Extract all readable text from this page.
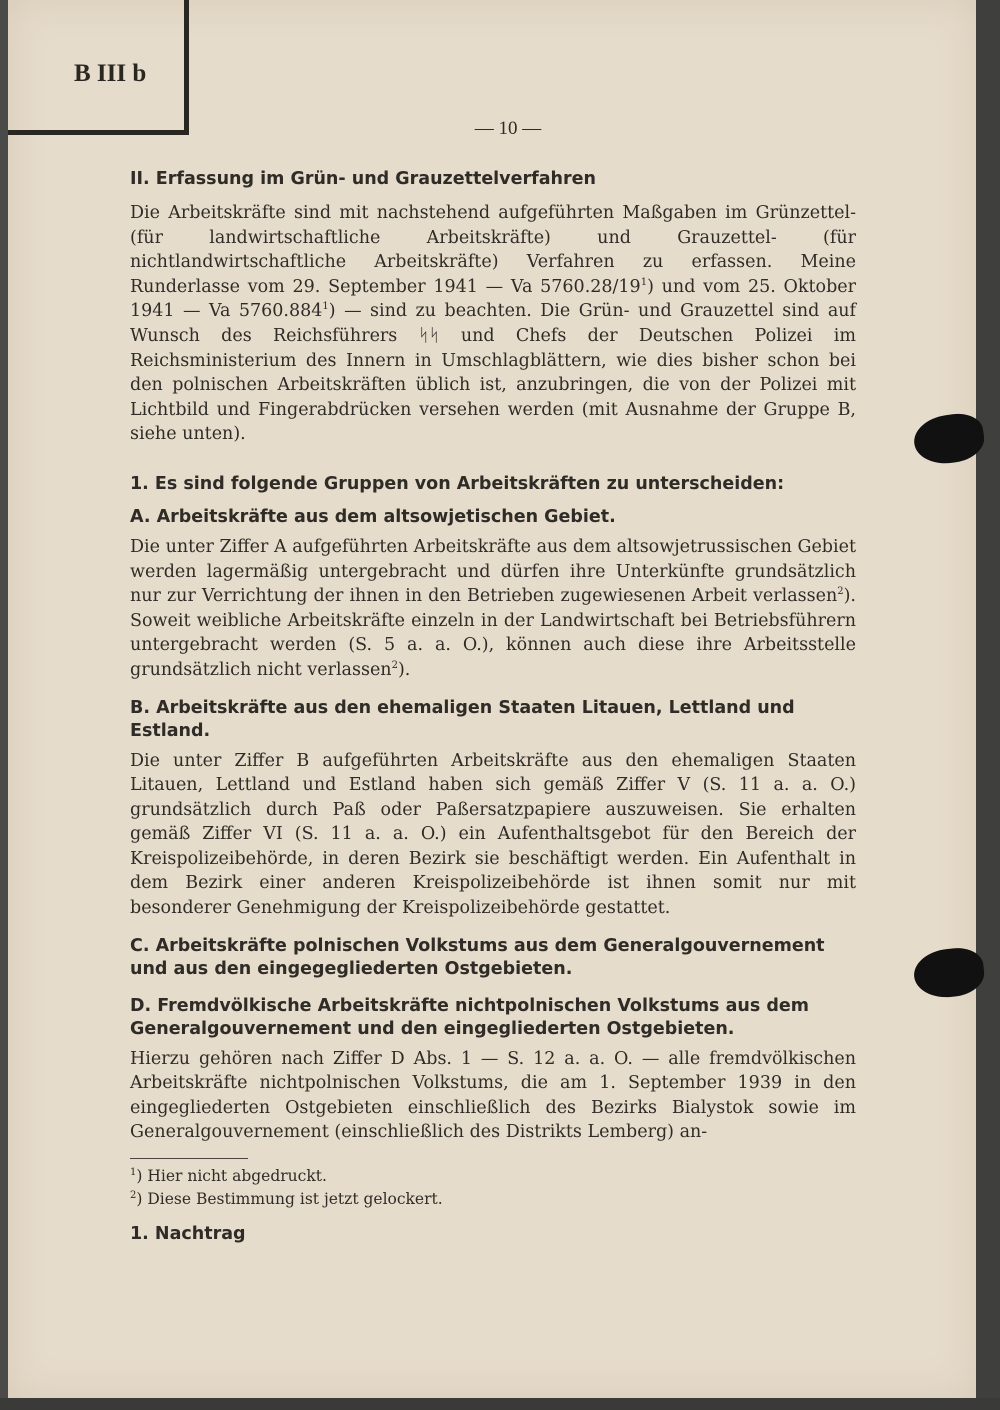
B III b
— 10 —

II. Erfassung im Grün- und Grauzettelverfahren

Die Arbeitskräfte sind mit nachstehend aufgeführten Maßgaben im Grünzettel- (für landwirtschaftliche Arbeitskräfte) und Grauzettel- (für nichtlandwirtschaftliche Arbeitskräfte) Verfahren zu erfassen. Meine Runderlasse vom 29. September 1941 — Va $5760.28/19^1$) und vom 25. Oktober 1941 — Va 5760.884$^1$) — sind zu beachten. Die Grün- und Grauzettel sind auf Wunsch des Reichsführers ᛋᛋ und Chefs der Deutschen Polizei im Reichsministerium des Innern in Umschlagblättern, wie dies bisher schon bei den polnischen Arbeitskräften üblich ist, anzubringen, die von der Polizei mit Lichtbild und Fingerabdrücken versehen werden (mit Ausnahme der Gruppe B, siehe unten).

1. Es sind folgende Gruppen von Arbeitskräften zu unterscheiden:

A. Arbeitskräfte aus dem altsowjetischen Gebiet.

Die unter Ziffer A aufgeführten Arbeitskräfte aus dem altsowjetrussischen Gebiet werden lagermäßig untergebracht und dürfen ihre Unterkünfte grundsätzlich nur zur Verrichtung der ihnen in den Betrieben zugewiesenen Arbeit verlassen$^2$). Soweit weibliche Arbeitskräfte einzeln in der Landwirtschaft bei Betriebsführern untergebracht werden (S. 5 a. a. O.), können auch diese ihre Arbeitsstelle grundsätzlich nicht verlassen$^2$).

B. Arbeitskräfte aus den ehemaligen Staaten Litauen, Lettland und Estland.

Die unter Ziffer B aufgeführten Arbeitskräfte aus den ehemaligen Staaten Litauen, Lettland und Estland haben sich gemäß Ziffer V (S. 11 a. a. O.) grundsätzlich durch Paß oder Paßersatzpapiere auszuweisen. Sie erhalten gemäß Ziffer VI (S. 11 a. a. O.) ein Aufenthaltsgebot für den Bereich der Kreispolizeibehörde, in deren Bezirk sie beschäftigt werden. Ein Aufenthalt in dem Bezirk einer anderen Kreispolizeibehörde ist ihnen somit nur mit besonderer Genehmigung der Kreispolizeibehörde gestattet.

C. Arbeitskräfte polnischen Volkstums aus dem Generalgouvernement und aus den eingegegliederten Ostgebieten.

D. Fremdvölkische Arbeitskräfte nichtpolnischen Volkstums aus dem Generalgouvernement und den eingegliederten Ostgebieten.

Hierzu gehören nach Ziffer D Abs. 1 — S. 12 a. a. O. — alle fremdvölkischen Arbeitskräfte nichtpolnischen Volkstums, die am 1. September 1939 in den eingegliederten Ostgebieten einschließlich des Bezirks Bialystok sowie im Generalgouvernement (einschließlich des Distrikts Lemberg) an-

$^1$) Hier nicht abgedruckt.

$^2$) Diese Bestimmung ist jetzt gelockert.

1. Nachtrag
